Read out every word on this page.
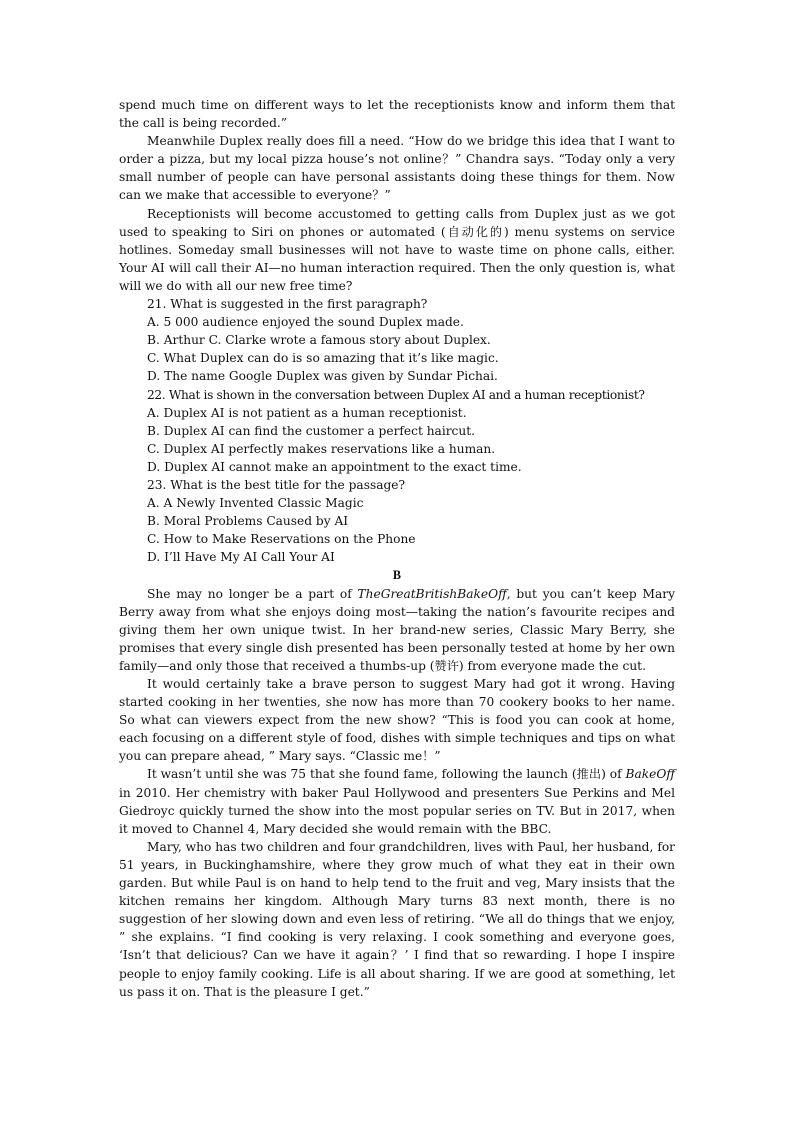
spend much time on different ways to let the receptionists know and inform them that the call is being recorded.”

Meanwhile Duplex really does fill a need. “How do we bridge this idea that I want to order a pizza, but my local pizza house’s not online？” Chandra says. “Today only a very small number of people can have personal assistants doing these things for them. Now can we make that accessible to everyone？”

Receptionists will become accustomed to getting calls from Duplex just as we got used to speaking to Siri on phones or automated (自动化的) menu systems on service hotlines. Someday small businesses will not have to waste time on phone calls, either. Your AI will call their AI—no human interaction required. Then the only question is, what will we do with all our new free time?

21. What is suggested in the first paragraph?

A. 5 000 audience enjoyed the sound Duplex made.

B. Arthur C. Clarke wrote a famous story about Duplex.

C. What Duplex can do is so amazing that it’s like magic.

D. The name Google Duplex was given by Sundar Pichai.

22. What is shown in the conversation between Duplex AI and a human receptionist?

A. Duplex AI is not patient as a human receptionist.

B. Duplex AI can find the customer a perfect haircut.

C. Duplex AI perfectly makes reservations like a human.

D. Duplex AI cannot make an appointment to the exact time.

23. What is the best title for the passage?

A. A Newly Invented Classic Magic

B. Moral Problems Caused by AI

C. How to Make Reservations on the Phone

D. I’ll Have My AI Call Your AI

B

She may no longer be a part of TheGreatBritishBakeOff, but you can’t keep Mary Berry away from what she enjoys doing most—taking the nation’s favourite recipes and giving them her own unique twist. In her brand-new series, Classic Mary Berry, she promises that every single dish presented has been personally tested at home by her own family—and only those that received a thumbs-up (赞许) from everyone made the cut.

It would certainly take a brave person to suggest Mary had got it wrong. Having started cooking in her twenties, she now has more than 70 cookery books to her name. So what can viewers expect from the new show? “This is food you can cook at home, each focusing on a different style of food, dishes with simple techniques and tips on what you can prepare ahead, ” Mary says. “Classic me！”

It wasn’t until she was 75 that she found fame, following the launch (推出) of BakeOff in 2010. Her chemistry with baker Paul Hollywood and presenters Sue Perkins and Mel Giedroyc quickly turned the show into the most popular series on TV. But in 2017, when it moved to Channel 4, Mary decided she would remain with the BBC.

Mary, who has two children and four grandchildren, lives with Paul, her husband, for 51 years, in Buckinghamshire, where they grow much of what they eat in their own garden. But while Paul is on hand to help tend to the fruit and veg, Mary insists that the kitchen remains her kingdom. Although Mary turns 83 next month, there is no suggestion of her slowing down and even less of retiring. “We all do things that we enjoy, ” she explains. “I find cooking is very relaxing. I cook something and everyone goes, ‘Isn’t that delicious? Can we have it again？’ I find that so rewarding. I hope I inspire people to enjoy family cooking. Life is all about sharing. If we are good at something, let us pass it on. That is the pleasure I get.”
